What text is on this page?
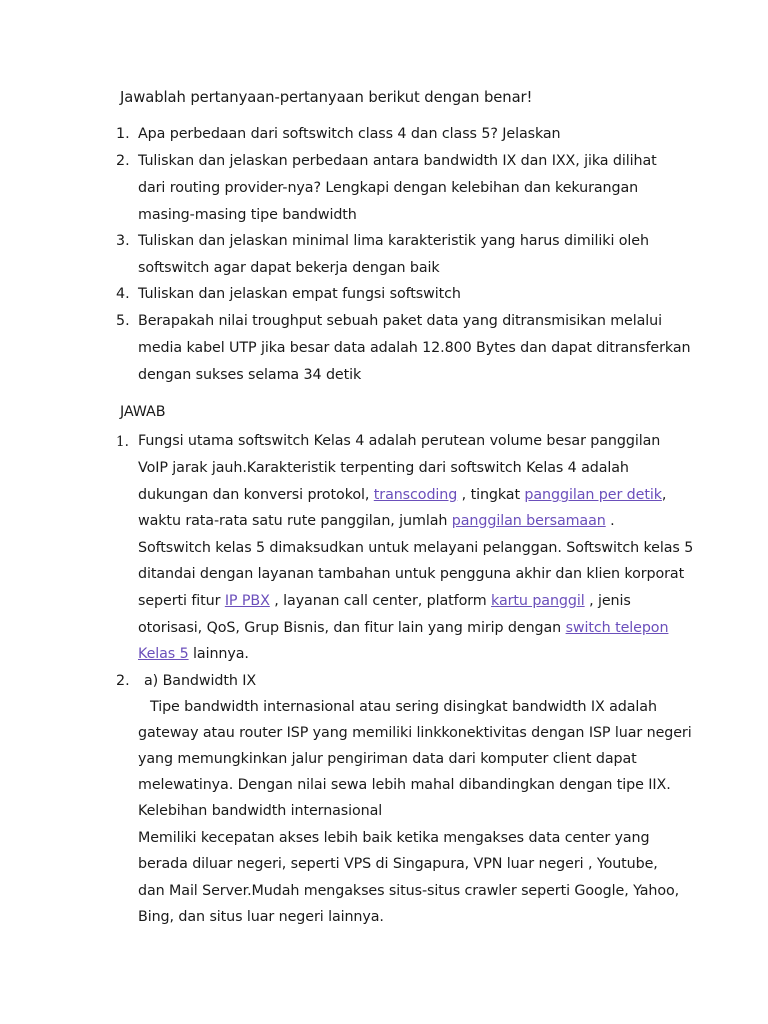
Jawablah pertanyaan-pertanyaan berikut dengan benar!
1. Apa perbedaan dari softswitch class 4 dan class 5? Jelaskan
2. Tuliskan dan jelaskan perbedaan antara bandwidth IX dan IXX, jika dilihat
dari routing provider-nya? Lengkapi dengan kelebihan dan kekurangan
masing-masing tipe bandwidth
3. Tuliskan dan jelaskan minimal lima karakteristik yang harus dimiliki oleh
softswitch agar dapat bekerja dengan baik
4. Tuliskan dan jelaskan empat fungsi softswitch
5. Berapakah nilai troughput sebuah paket data yang ditransmisikan melalui
media kabel UTP jika besar data adalah 12.800 Bytes dan dapat ditransferkan
dengan sukses selama 34 detik
JAWAB
1. Fungsi utama softswitch Kelas 4 adalah perutean volume besar panggilan
VoIP jarak jauh.Karakteristik terpenting dari softswitch Kelas 4 adalah
dukungan dan konversi protokol, transcoding , tingkat panggilan per detik,
waktu rata-rata satu rute panggilan, jumlah panggilan bersamaan .
Softswitch kelas 5 dimaksudkan untuk melayani pelanggan. Softswitch kelas 5
ditandai dengan layanan tambahan untuk pengguna akhir dan klien korporat
seperti fitur IP PBX , layanan call center, platform kartu panggil , jenis
otorisasi, QoS, Grup Bisnis, dan fitur lain yang mirip dengan switch telepon
Kelas 5 lainnya.
2. a) Bandwidth IX
Tipe bandwidth internasional atau sering disingkat bandwidth IX adalah
gateway atau router ISP yang memiliki linkkonektivitas dengan ISP luar negeri
yang memungkinkan jalur pengiriman data dari komputer client dapat
melewatinya. Dengan nilai sewa lebih mahal dibandingkan dengan tipe IIX.
Kelebihan bandwidth internasional
Memiliki kecepatan akses lebih baik ketika mengakses data center yang
berada diluar negeri, seperti VPS di Singapura, VPN luar negeri , Youtube,
dan Mail Server.Mudah mengakses situs-situs crawler seperti Google, Yahoo,
Bing, dan situs luar negeri lainnya.
